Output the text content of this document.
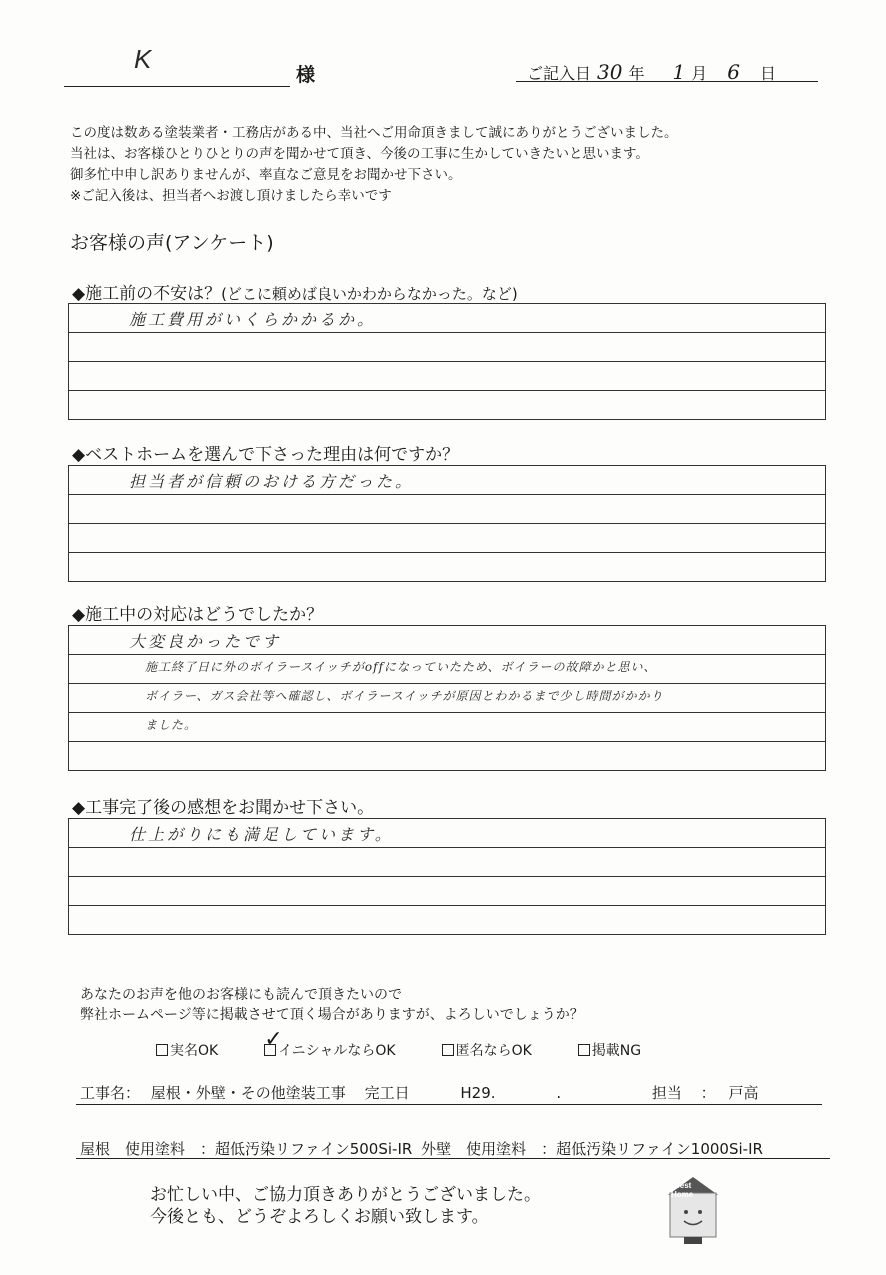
K
様	ご記入日 30 年 1 月 6 日
この度は数ある塗装業者・工務店がある中、当社へご用命頂きまして誠にありがとうございました。
当社は、お客様ひとりひとりの声を聞かせて頂き、今後の工事に生かしていきたいと思います。
御多忙中申し訳ありませんが、率直なご意見をお聞かせ下さい。
※ご記入後は、担当者へお渡し頂けましたら幸いです
お客様の声(アンケート)
◆施工前の不安は？(どこに頼めば良いかわからなかった。など)
施工費用がいくらかかるか。
◆ベストホームを選んで下さった理由は何ですか？
担当者が信頼のおける方だった。
◆施工中の対応はどうでしたか？
大変良かったです
施工終了日に外のボイラースイッチがoffになっていたため、ボイラーの故障かと思い、
ボイラー、ガス会社等へ確認し、ボイラースイッチが原因とわかるまで少し時間がかかり
ました。
◆工事完了後の感想をお聞かせ下さい。
仕上がりにも満足しています。
あなたのお声を他のお客様にも読んで頂きたいので
弊社ホームページ等に掲載させて頂く場合がありますが、よろしいでしょうか？
実名OK
✓	イニシャルならOK	匿名ならOK	掲載NG
工事名： 屋根・外壁・その他塗装工事 完工日	H29.	.	担当 ： 戸高
屋根　使用塗料　：超低汚染リファイン500Si-IR 外壁　使用塗料　：超低汚染リファイン1000Si-IR
お忙しい中、ご協力頂きありがとうございました。
今後とも、どうぞよろしくお願い致します。
Best
Home
